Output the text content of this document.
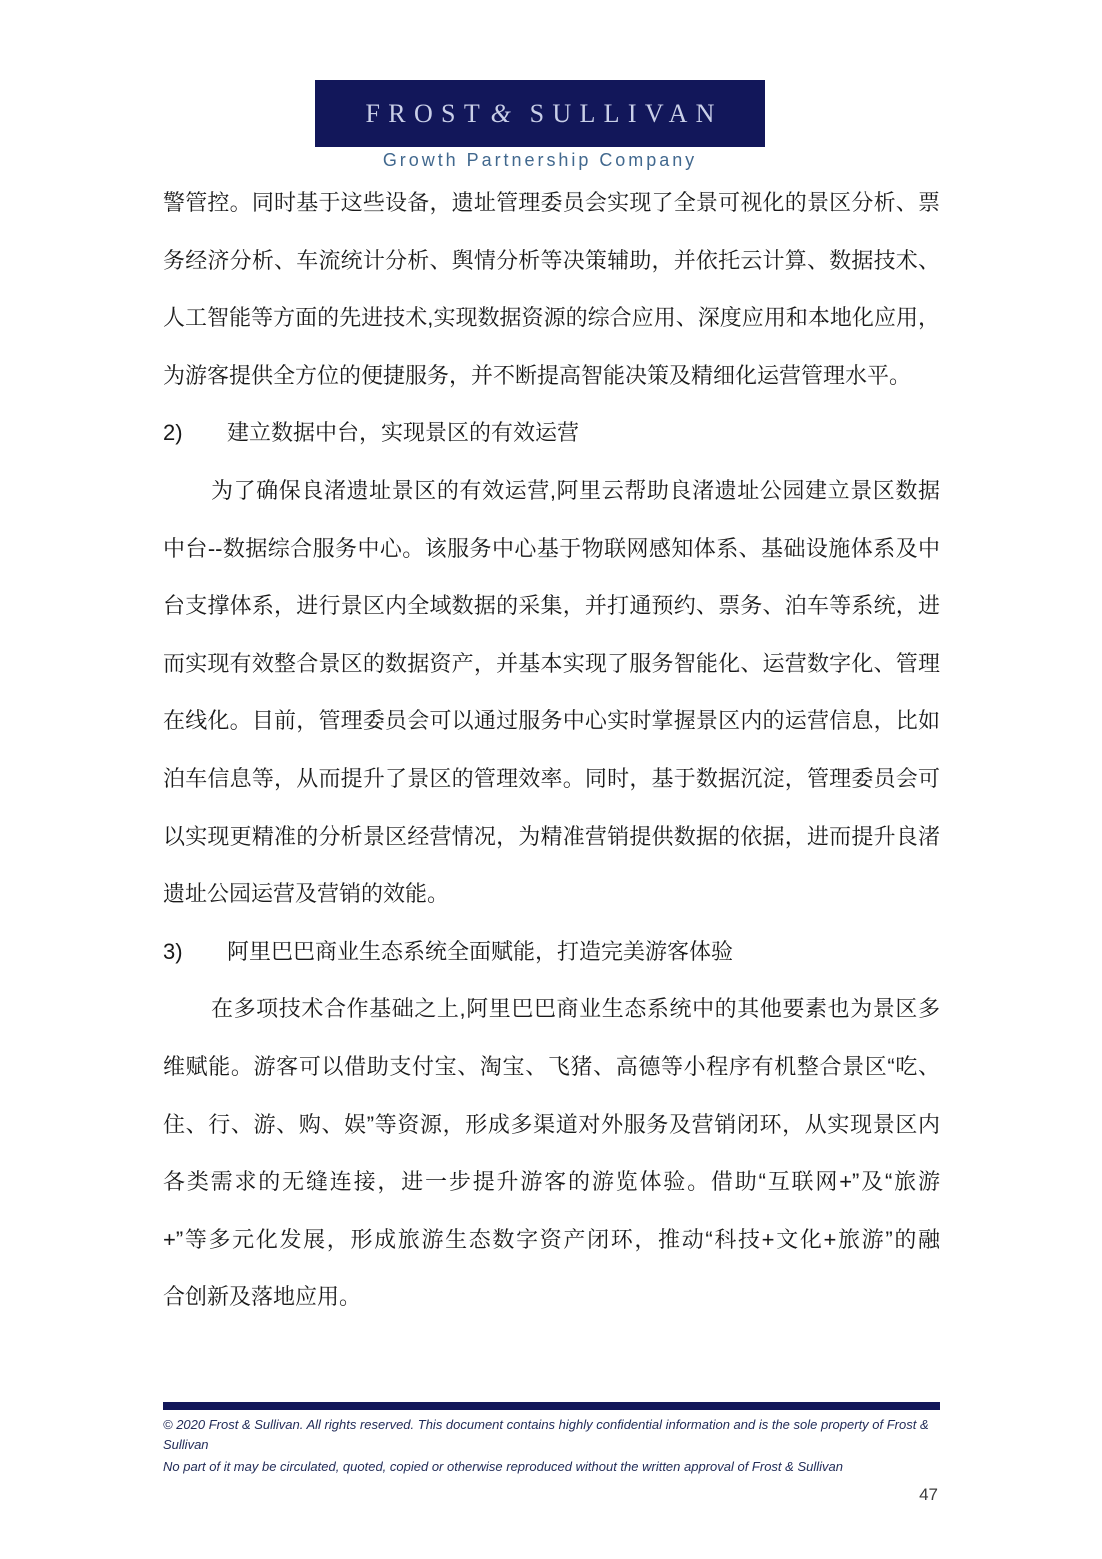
FROST& SULLIVAN
Growth Partnership Company
警管控。同时基于这些设备，遗址管理委员会实现了全景可视化的景区分析、票
务经济分析、车流统计分析、舆情分析等决策辅助，并依托云计算、数据技术、
人工智能等方面的先进技术,实现数据资源的综合应用、深度应用和本地化应用，
为游客提供全方位的便捷服务，并不断提高智能决策及精细化运营管理水平。
2) 建立数据中台，实现景区的有效运营
为了确保良渚遗址景区的有效运营,阿里云帮助良渚遗址公园建立景区数据
中台--数据综合服务中心。该服务中心基于物联网感知体系、基础设施体系及中
台支撑体系，进行景区内全域数据的采集，并打通预约、票务、泊车等系统，进
而实现有效整合景区的数据资产，并基本实现了服务智能化、运营数字化、管理
在线化。目前，管理委员会可以通过服务中心实时掌握景区内的运营信息，比如
泊车信息等，从而提升了景区的管理效率。同时，基于数据沉淀，管理委员会可
以实现更精准的分析景区经营情况，为精准营销提供数据的依据，进而提升良渚
遗址公园运营及营销的效能。
3) 阿里巴巴商业生态系统全面赋能，打造完美游客体验
在多项技术合作基础之上,阿里巴巴商业生态系统中的其他要素也为景区多
维赋能。游客可以借助支付宝、淘宝、飞猪、高德等小程序有机整合景区“吃、
住、行、游、购、娱”等资源，形成多渠道对外服务及营销闭环，从实现景区内
各类需求的无缝连接，进一步提升游客的游览体验。借助“互联网+”及“旅游
+”等多元化发展，形成旅游生态数字资产闭环，推动“科技+文化+旅游”的融
合创新及落地应用。

© 2020 Frost & Sullivan. All rights reserved. This document contains highly confidential information and is the sole property of Frost & Sullivan

No part of it may be circulated, quoted, copied or otherwise reproduced without the written approval of Frost & Sullivan

47
